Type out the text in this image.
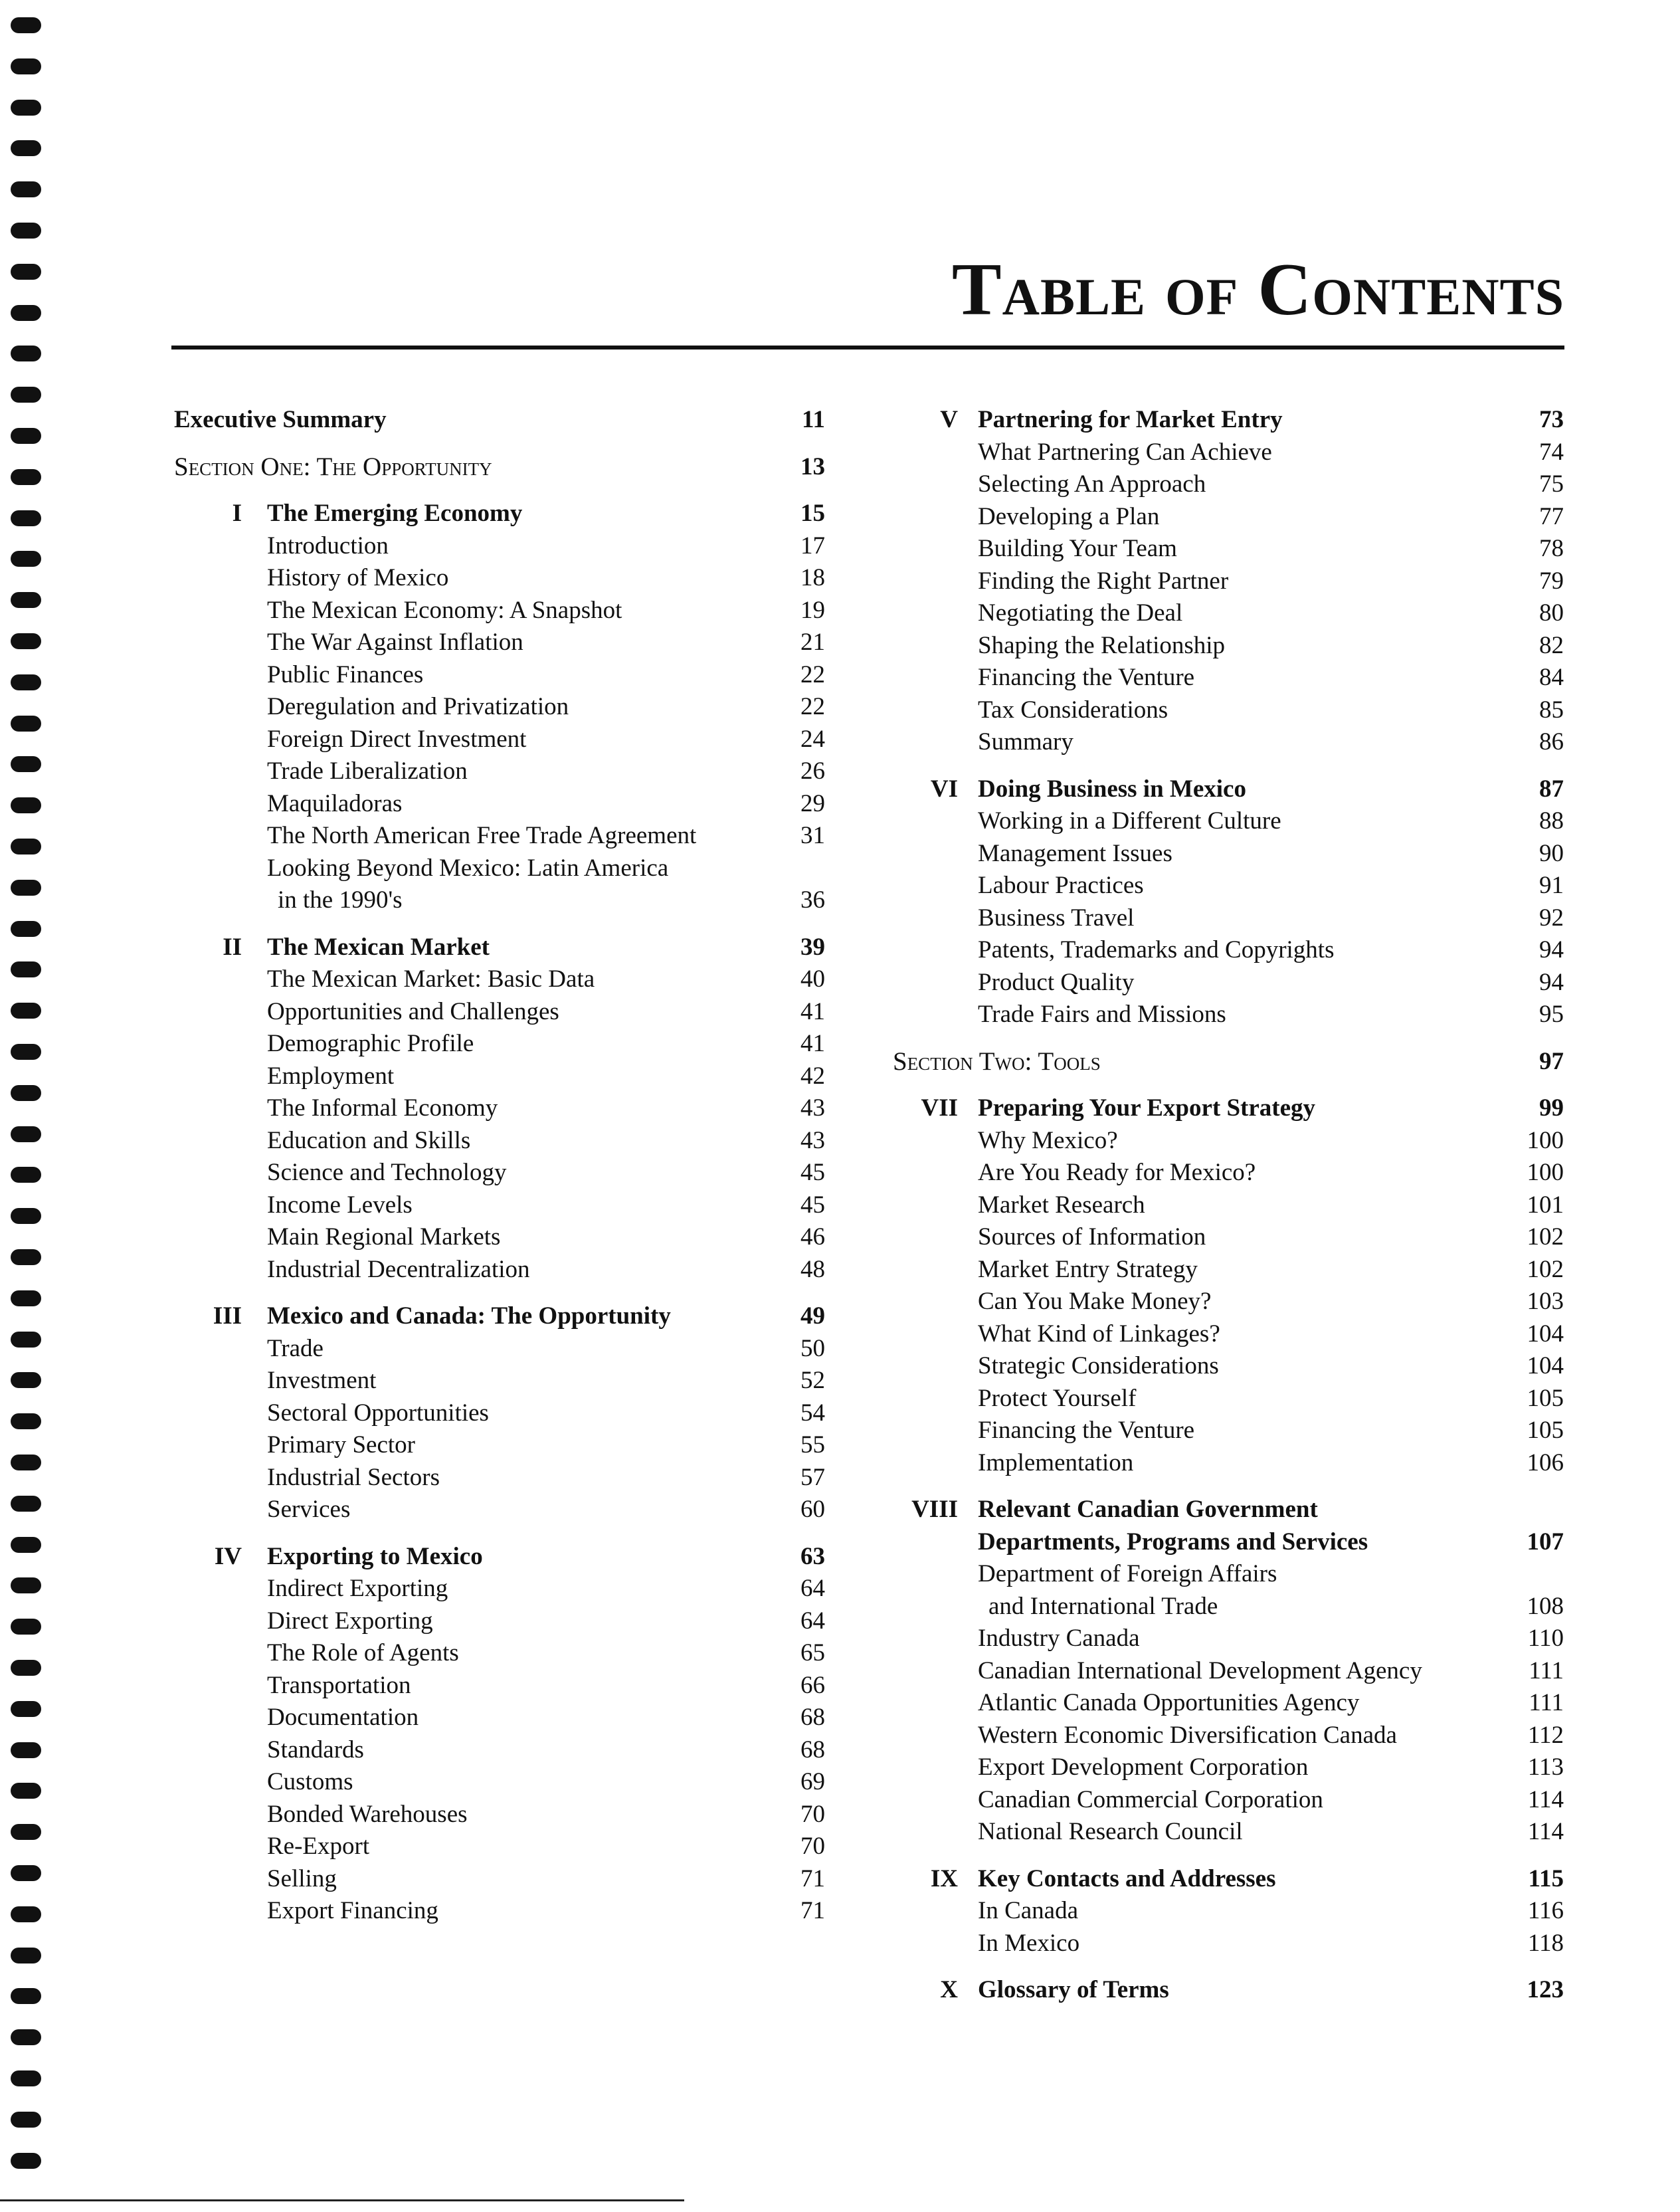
Table of Contents
Executive Summary	11
Section One: The Opportunity	13
I The Emerging Economy	15
Introduction	17
History of Mexico	18
The Mexican Economy: A Snapshot	19
The War Against Inflation	21
Public Finances	22
Deregulation and Privatization	22
Foreign Direct Investment	24
Trade Liberalization	26
Maquiladoras	29
The North American Free Trade Agreement	31
Looking Beyond Mexico: Latin America
in the 1990's	36
II The Mexican Market	39
The Mexican Market: Basic Data	40
Opportunities and Challenges	41
Demographic Profile	41
Employment	42
The Informal Economy	43
Education and Skills	43
Science and Technology	45
Income Levels	45
Main Regional Markets	46
Industrial Decentralization	48
III Mexico and Canada: The Opportunity	49
Trade	50
Investment	52
Sectoral Opportunities	54
Primary Sector	55
Industrial Sectors	57
Services	60
IV Exporting to Mexico	63
Indirect Exporting	64
Direct Exporting	64
The Role of Agents	65
Transportation	66
Documentation	68
Standards	68
Customs	69
Bonded Warehouses	70
Re-Export	70
Selling	71
Export Financing	71
V Partnering for Market Entry	73
What Partnering Can Achieve	74
Selecting An Approach	75
Developing a Plan	77
Building Your Team	78
Finding the Right Partner	79
Negotiating the Deal	80
Shaping the Relationship	82
Financing the Venture	84
Tax Considerations	85
Summary	86
VI Doing Business in Mexico	87
Working in a Different Culture	88
Management Issues	90
Labour Practices	91
Business Travel	92
Patents, Trademarks and Copyrights	94
Product Quality	94
Trade Fairs and Missions	95
Section Two: Tools	97
VII Preparing Your Export Strategy	99
Why Mexico?	100
Are You Ready for Mexico?	100
Market Research	101
Sources of Information	102
Market Entry Strategy	102
Can You Make Money?	103
What Kind of Linkages?	104
Strategic Considerations	104
Protect Yourself	105
Financing the Venture	105
Implementation	106
VIII Relevant Canadian Government
Departments, Programs and Services	107
Department of Foreign Affairs
and International Trade	108
Industry Canada	110
Canadian International Development Agency	111
Atlantic Canada Opportunities Agency	111
Western Economic Diversification Canada	112
Export Development Corporation	113
Canadian Commercial Corporation	114
National Research Council	114
IX Key Contacts and Addresses	115
In Canada	116
In Mexico	118
X Glossary of Terms	123
